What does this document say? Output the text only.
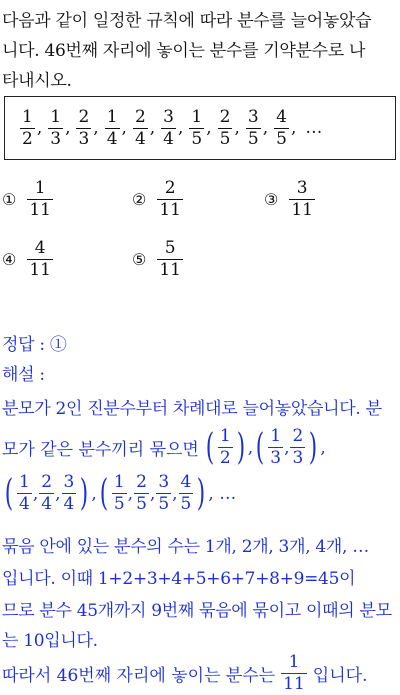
다음과 같이 일정한 규칙에 따라 분수를 늘어놓았습
니다. 46번째 자리에 놓이는 분수를 기약분수로 나
타내시오.
$\frac{1}{2}$ , $\frac{1}{3}$ , $\frac{2}{3}$ , $\frac{1}{4}$ , $\frac{2}{4}$ , $\frac{3}{4}$ , $\frac{1}{5}$ , $\frac{2}{5}$ , $\frac{3}{5}$ , $\frac{4}{5}$ , …
① $\frac{1}{11}$	② $\frac{2}{11}$	③ $\frac{3}{11}$
④ $\frac{4}{11}$	⑤ $\frac{5}{11}$
정답 : ①
해설 :
분모가 2인 진분수부터 차례대로 늘어놓았습니다. 분
모가 같은 분수끼리 묶으면 ( $\frac{1}{2}$ ) , ( $\frac{1}{3}$ , $\frac{2}{3}$ ) ,
( $\frac{1}{4}$ , $\frac{2}{4}$ , $\frac{3}{4}$ ) , ( $\frac{1}{5}$ , $\frac{2}{5}$ , $\frac{3}{5}$ , $\frac{4}{5}$ ) , …
묶음 안에 있는 분수의 수는 1개, 2개, 3개, 4개, …
입니다. 이때 1+2+3+4+5+6+7+8+9=45이
므로 분수 45개까지 9번째 묶음에 묶이고 이때의 분모
는 10입니다.
따라서 46번째 자리에 놓이는 분수는 $\frac{1}{11}$ 입니다.
